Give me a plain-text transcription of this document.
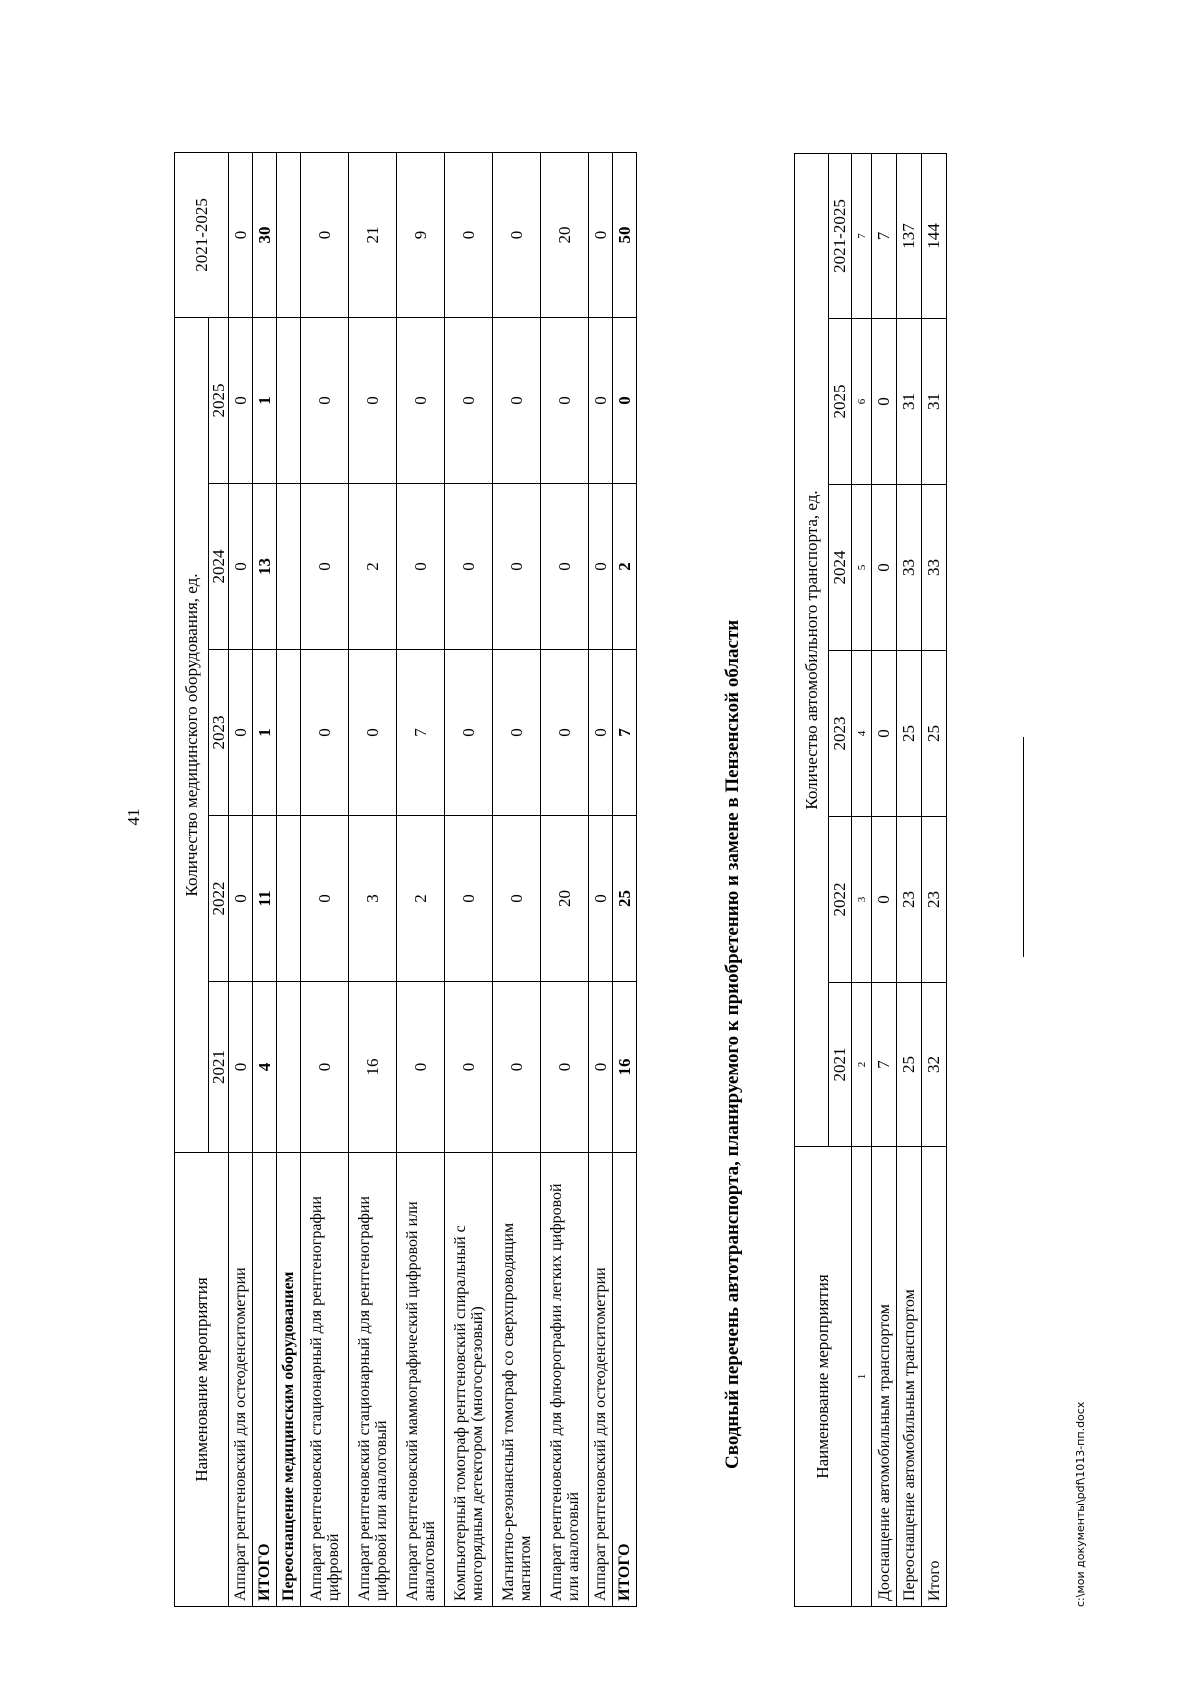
41
Наименование мероприятия	Количество медицинского оборудования, ед.					2021-2025
	2021	2022	2023	2024	2025	
Аппарат рентгеновский для остеоденситометрии	0	0	0	0	0	0
ИТОГО	4	11	1	13	1	30
Переоснащение медицинским оборудованием						
Аппарат рентгеновский стационарный для рентгенографии цифровой	0	0	0	0	0	0
Аппарат рентгеновский стационарный для рентгенографии цифровой или аналоговый	16	3	0	2	0	21
Аппарат рентгеновский маммографический цифровой или аналоговый	0	2	7	0	0	9
Компьютерный томограф рентгеновский спиральный с многорядным детектором (многосрезовый)	0	0	0	0	0	0
Магнитно-резонансный томограф со сверхпроводящим магнитом	0	0	0	0	0	0
Аппарат рентгеновский для флюорографии легких цифровой или аналоговый	0	20	0	0	0	20
Аппарат рентгеновский для остеоденситометрии	0	0	0	0	0	0
ИТОГО	16	25	7	2	0	50
Сводный перечень автотранспорта, планируемого к приобретению и замене в Пензенской области	Наименование мероприятия	Количество автомобильного транспорта, ед.					
	2021	2022	2023	2024	2025	2021-2025
1	2	3	4	5	6	7
Дооснащение автомобильным транспортом	7	0	0	0	0	7
Переоснащение автомобильным транспортом	25	23	25	33	31	137
Итого	32	23	25	33	31	144
c:\мои документы\pdf\1013-пп.docx
